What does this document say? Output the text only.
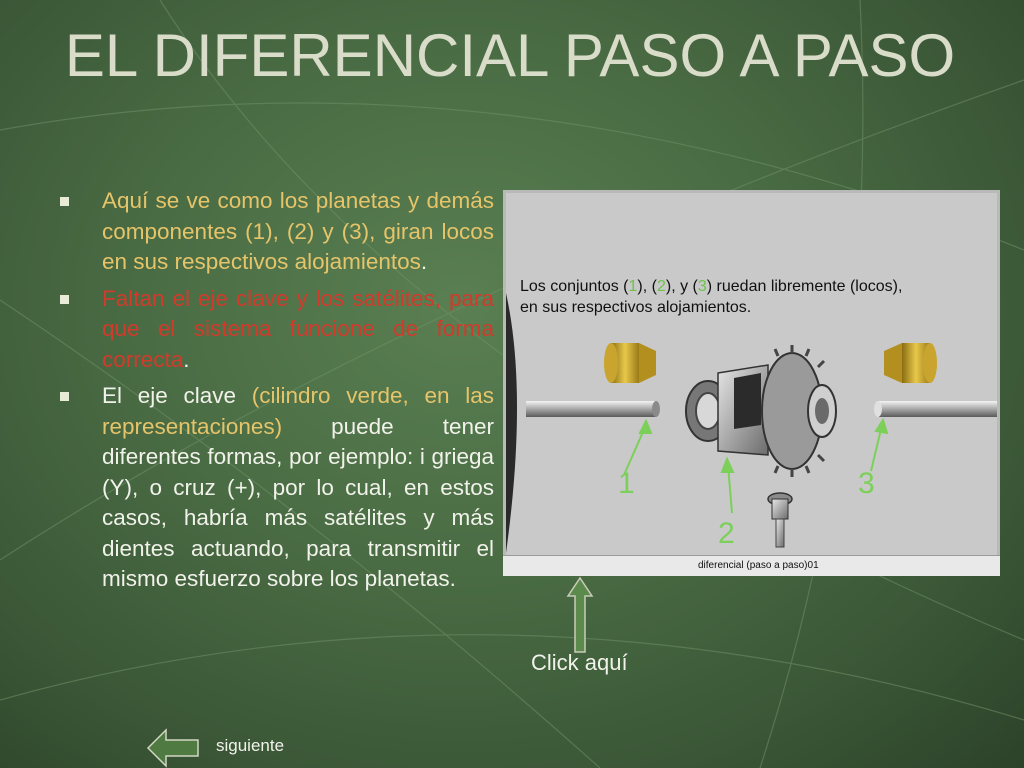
EL DIFERENCIAL PASO A PASO
Aquí se ve como los planetas y demás componentes (1), (2) y (3), giran locos en sus respectivos alojamientos.
Faltan el eje clave y los satélites, para que el sistema funcione de forma correcta.
El eje clave (cilindro verde, en las representaciones) puede tener diferentes formas, por ejemplo: i griega (Y), o cruz (+), por lo cual, en estos casos, habría más satélites y más dientes actuando, para transmitir el mismo esfuerzo sobre los planetas.
Los conjuntos (1), (2), y (3) ruedan libremente (locos),
en sus respectivos alojamientos.
1
2
3
diferencial (paso a paso)01
Click aquí
siguiente
